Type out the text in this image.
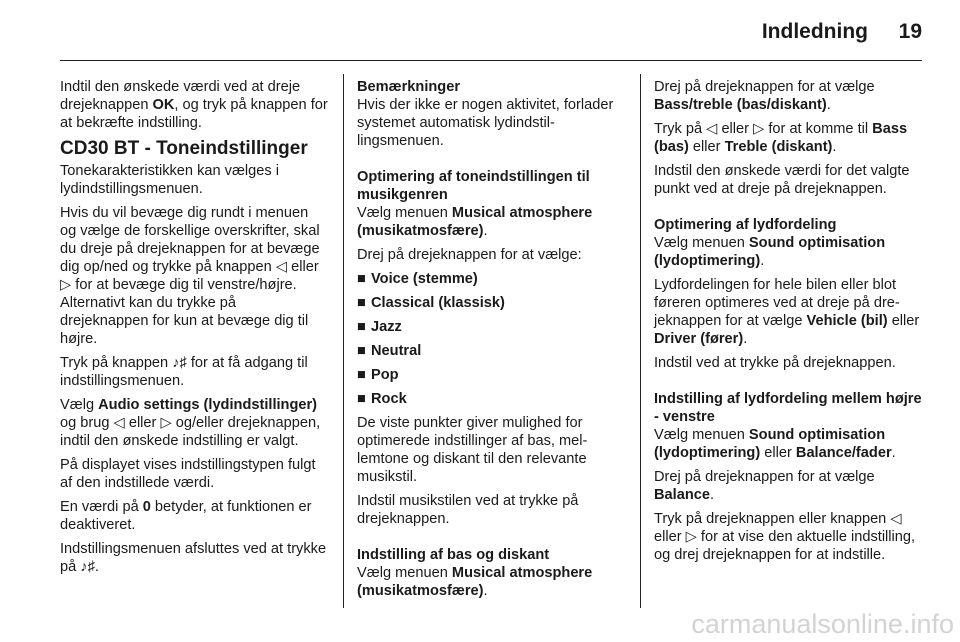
Indledning 19

Indtil den ønskede værdi ved at dreje drejeknappen OK, og tryk på knappen for at bekræfte indstilling.

CD30 BT - Toneindstillinger

Tonekarakteristikken kan vælges i lydindstillingsmenuen.

Hvis du vil bevæge dig rundt i menuen og vælge de forskellige overskrifter, skal du dreje på drejeknappen for at bevæge dig op/ned og trykke på knappen ◁ eller ▷ for at bevæge dig til venstre/højre. Alternativt kan du trykke på drejeknappen for kun at bevæge dig til højre.

Tryk på knappen ♪♯ for at få adgang til indstillingsmenuen.

Vælg Audio settings (lydindstillinger) og brug ◁ eller ▷ og/eller drejeknappen, indtil den ønskede indstilling er valgt.

På displayet vises indstillingstypen fulgt af den indstillede værdi.

En værdi på 0 betyder, at funktionen er deaktiveret.

Indstillingsmenuen afsluttes ved at trykke på ♪♯.

Bemærkninger

Hvis der ikke er nogen aktivitet, forlader systemet automatisk lydindstillingsmenuen.

Optimering af toneindstillingen til musikgenren

Vælg menuen Musical atmosphere (musikatmosfære).

Drej på drejeknappen for at vælge:

■ Voice (stemme)
■ Classical (klassisk)
■ Jazz
■ Neutral
■ Pop
■ Rock

De viste punkter giver mulighed for optimerede indstillinger af bas, mellemtone og diskant til den relevante musikstil.

Indstil musikstilen ved at trykke på drejeknappen.

Indstilling af bas og diskant

Vælg menuen Musical atmosphere (musikatmosfære).

Drej på drejeknappen for at vælge Bass/treble (bas/diskant).

Tryk på ◁ eller ▷ for at komme til Bass (bas) eller Treble (diskant).

Indstil den ønskede værdi for det valgte punkt ved at dreje på drejeknappen.

Optimering af lydfordeling

Vælg menuen Sound optimisation (lydoptimering).

Lydfordelingen for hele bilen eller blot føreren optimeres ved at dreje på drejeknappen for at vælge Vehicle (bil) eller Driver (fører).

Indstil ved at trykke på drejeknappen.

Indstilling af lydfordeling mellem højre - venstre

Vælg menuen Sound optimisation (lydoptimering) eller Balance/fader.

Drej på drejeknappen for at vælge Balance.

Tryk på drejeknappen eller knappen ◁ eller ▷ for at vise den aktuelle indstilling, og drej drejeknappen for at indstille.

carmanualsonline.info
